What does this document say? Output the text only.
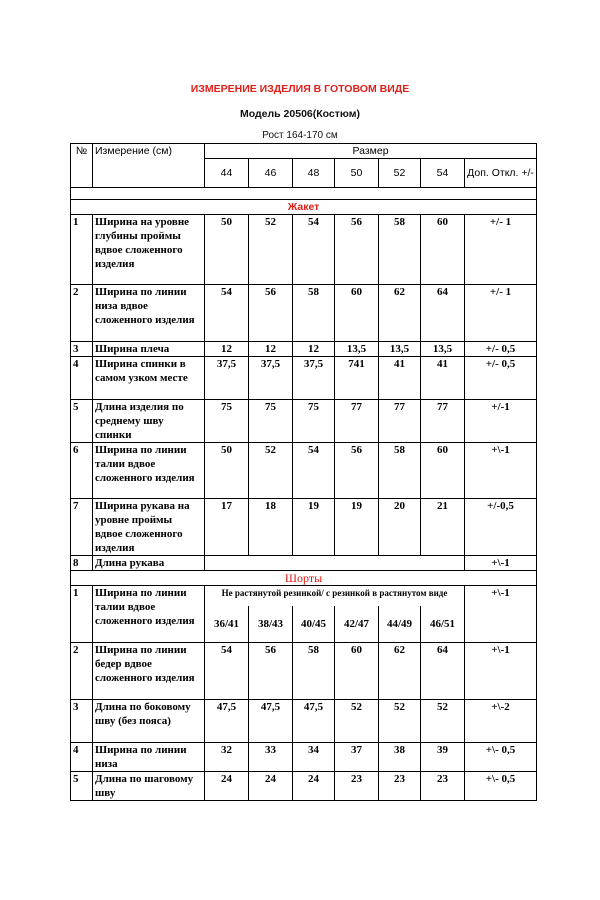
ИЗМЕРЕНИЕ ИЗДЕЛИЯ В ГОТОВОМ ВИДЕ
Модель 20506(Костюм)
Рост 164-170 см
№	Измерение (см)	Размер						
		44	46	48	50	52	54	Доп. Откл. +/-

Жакет								
1	Ширина на уровне глубины проймы вдвое сложенного изделия	50	52	54	56	58	60	+/- 1
2	Ширина по линии низа вдвое сложенного изделия	54	56	58	60	62	64	+/- 1
3	Ширина плеча	12	12	12	13,5	13,5	13,5	+/- 0,5
4	Ширина спинки в самом узком месте	37,5	37,5	37,5	741	41	41	+/- 0,5
5	Длина изделия по среднему шву спинки	75	75	75	77	77	77	+/-1
6	Ширина по линии талии вдвое сложенного изделия	50	52	54	56	58	60	+\-1
7	Ширина рукава на уровне проймы вдвое сложенного изделия	17	18	19	19	20	21	+/-0,5
8	Длина рукава							+\-1
Шорты								
1	Ширина по линии талии вдвое сложенного изделия	Не растянутой резинкой/ с резинкой в растянутом виде						+\-1
		36/41	38/43	40/45	42/47	44/49	46/51	
2	Ширина по линии бедер вдвое сложенного изделия	54	56	58	60	62	64	+\-1
3	Длина по боковому шву (без пояса)	47,5	47,5	47,5	52	52	52	+\-2
4	Ширина по линии низа	32	33	34	37	38	39	+\- 0,5
5	Длина по шаговому шву	24	24	24	23	23	23	+\- 0,5
